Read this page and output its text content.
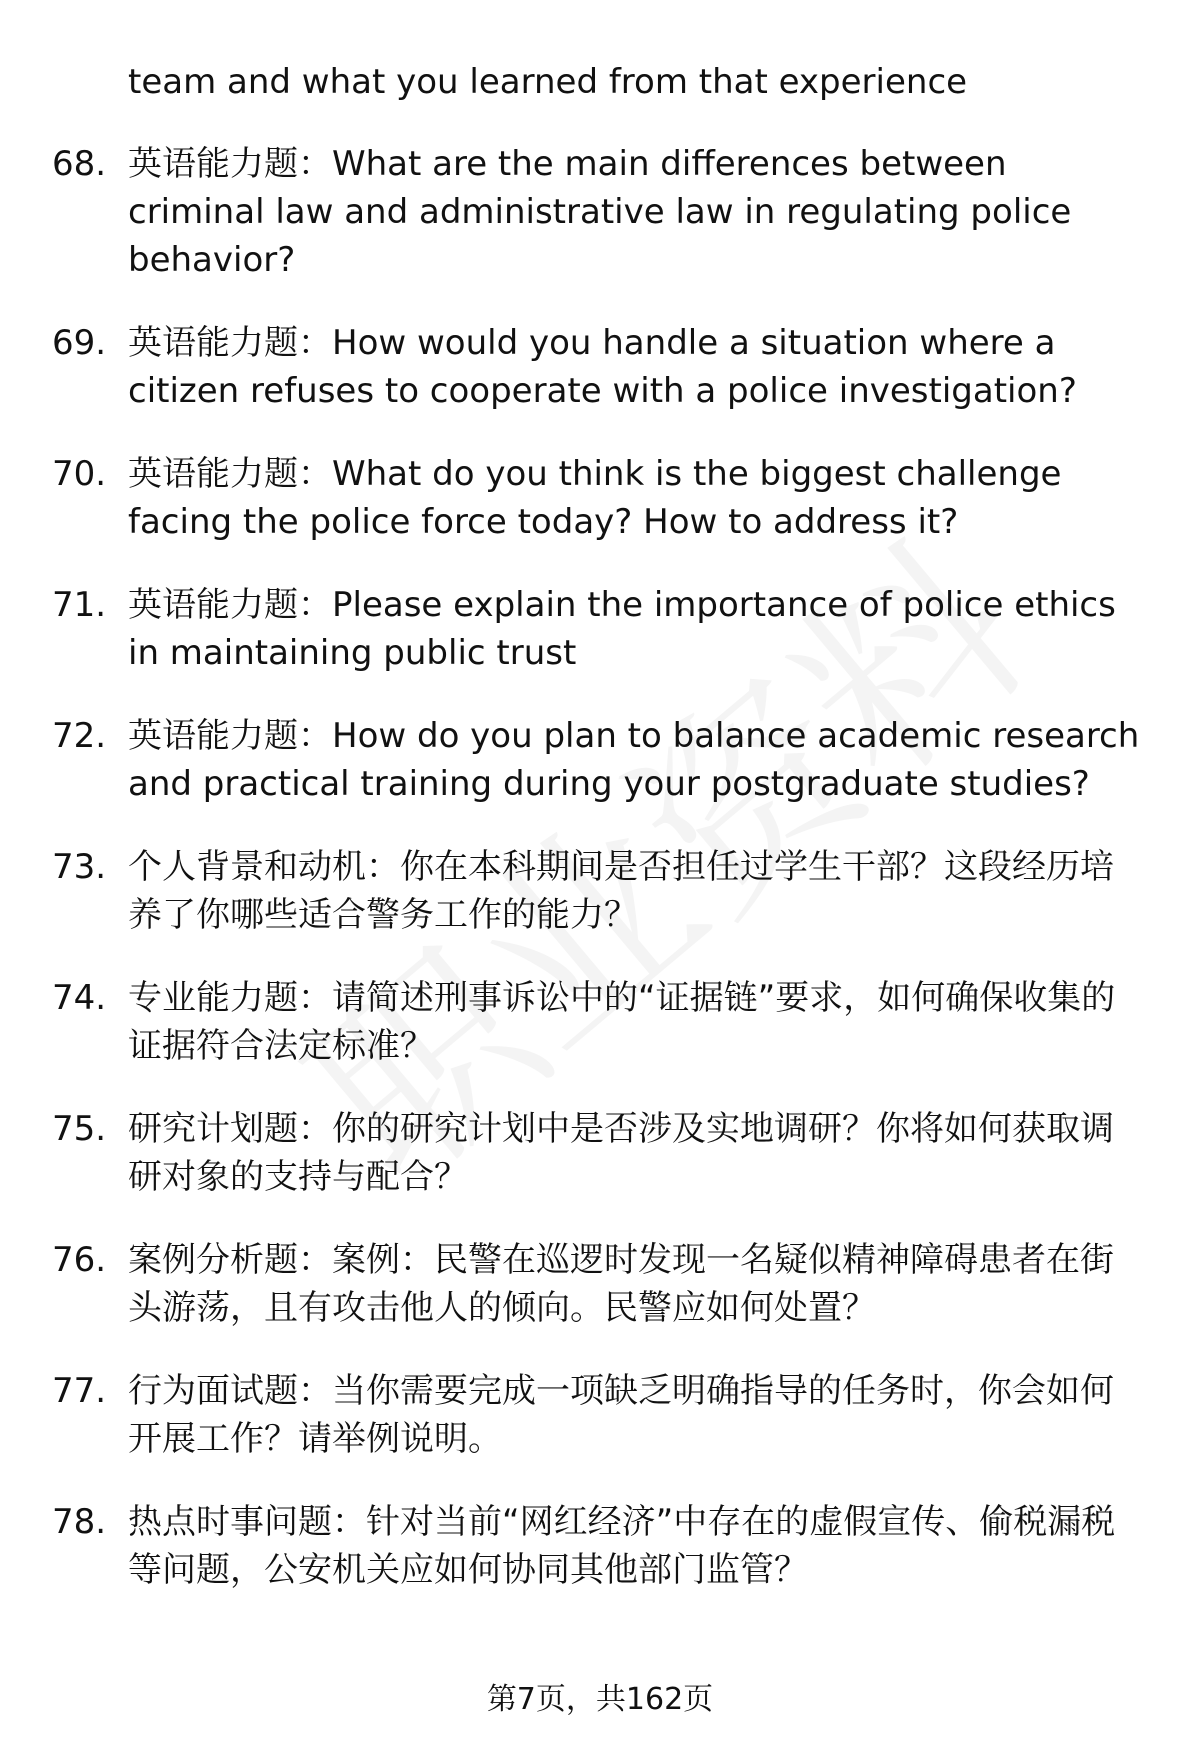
team and what you learned from that experience
68. 英语能力题：What are the main differences between criminal law and administrative law in regulating police behavior?
69. 英语能力题：How would you handle a situation where a citizen refuses to cooperate with a police investigation?
70. 英语能力题：What do you think is the biggest challenge facing the police force today? How to address it?
71. 英语能力题：Please explain the importance of police ethics in maintaining public trust
72. 英语能力题：How do you plan to balance academic research and practical training during your postgraduate studies?
73. 个人背景和动机：你在本科期间是否担任过学生干部？这段经历培养了你哪些适合警务工作的能力？
74. 专业能力题：请简述刑事诉讼中的“证据链”要求，如何确保收集的证据符合法定标准？
75. 研究计划题：你的研究计划中是否涉及实地调研？你将如何获取调研对象的支持与配合？
76. 案例分析题：案例：民警在巡逻时发现一名疑似精神障碍患者在街头游荡，且有攻击他人的倾向。民警应如何处置？
77. 行为面试题：当你需要完成一项缺乏明确指导的任务时，你会如何开展工作？请举例说明。
78. 热点时事问题：针对当前“网红经济”中存在的虚假宣传、偷税漏税等问题，公安机关应如何协同其他部门监管？
第7页，共162页
